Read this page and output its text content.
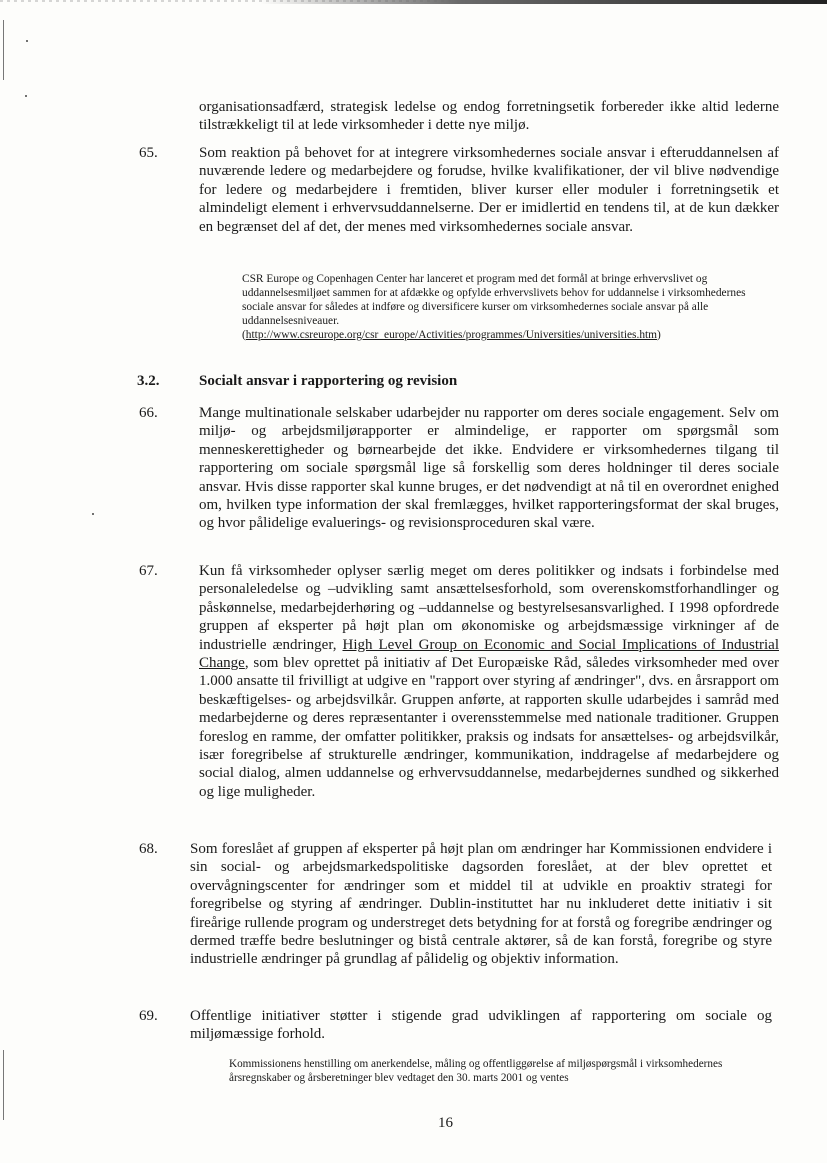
organisationsadfærd, strategisk ledelse og endog forretningsetik forbereder ikke altid lederne tilstrækkeligt til at lede virksomheder i dette nye miljø.

65.	Som reaktion på behovet for at integrere virksomhedernes sociale ansvar i efteruddannelsen af nuværende ledere og medarbejdere og forudse, hvilke kvalifikationer, der vil blive nødvendige for ledere og medarbejdere i fremtiden, bliver kurser eller moduler i forretningsetik et almindeligt element i erhvervsuddannelserne. Der er imidlertid en tendens til, at de kun dækker en begrænset del af det, der menes med virksomhedernes sociale ansvar.

CSR Europe og Copenhagen Center har lanceret et program med det formål at bringe erhvervslivet og uddannelsesmiljøet sammen for at afdække og opfylde erhvervslivets behov for uddannelse i virksomhedernes sociale ansvar for således at indføre og diversificere kurser om virksomhedernes sociale ansvar på alle uddannelsesniveauer.
(http://www.csreurope.org/csr_europe/Activities/programmes/Universities/universities.htm)

3.2.	Socialt ansvar i rapportering og revision
66.	Mange multinationale selskaber udarbejder nu rapporter om deres sociale engagement. Selv om miljø- og arbejdsmiljørapporter er almindelige, er rapporter om spørgsmål som menneskerettigheder og børnearbejde det ikke. Endvidere er virksomhedernes tilgang til rapportering om sociale spørgsmål lige så forskellig som deres holdninger til deres sociale ansvar. Hvis disse rapporter skal kunne bruges, er det nødvendigt at nå til en overordnet enighed om, hvilken type information der skal fremlægges, hvilket rapporteringsformat der skal bruges, og hvor pålidelige evaluerings- og revisionsproceduren skal være.

67.	Kun få virksomheder oplyser særlig meget om deres politikker og indsats i forbindelse med personaleledelse og –udvikling samt ansættelsesforhold, som overenskomstforhandlinger og påskønnelse, medarbejderhøring og –uddannelse og bestyrelsesansvarlighed. I 1998 opfordrede gruppen af eksperter på højt plan om økonomiske og arbejdsmæssige virkninger af de industrielle ændringer, High Level Group on Economic and Social Implications of Industrial Change, som blev oprettet på initiativ af Det Europæiske Råd, således virksomheder med over 1.000 ansatte til frivilligt at udgive en "rapport over styring af ændringer", dvs. en årsrapport om beskæftigelses- og arbejdsvilkår. Gruppen anførte, at rapporten skulle udarbejdes i samråd med medarbejderne og deres repræsentanter i overensstemmelse med nationale traditioner. Gruppen foreslog en ramme, der omfatter politikker, praksis og indsats for ansættelses- og arbejdsvilkår, især foregribelse af strukturelle ændringer, kommunikation, inddragelse af medarbejdere og social dialog, almen uddannelse og erhvervsuddannelse, medarbejdernes sundhed og sikkerhed og lige muligheder.

68. Som foreslået af gruppen af eksperter på højt plan om ændringer har Kommissionen endvidere i sin social- og arbejdsmarkedspolitiske dagsorden foreslået, at der blev oprettet et overvågningscenter for ændringer som et middel til at udvikle en proaktiv strategi for foregribelse og styring af ændringer. Dublin-instituttet har nu inkluderet dette initiativ i sit fireårige rullende program og understreget dets betydning for at forstå og foregribe ændringer og dermed træffe bedre beslutninger og bistå centrale aktører, så de kan forstå, foregribe og styre industrielle ændringer på grundlag af pålidelig og objektiv information.

69. Offentlige initiativer støtter i stigende grad udviklingen af rapportering om sociale og miljømæssige forhold.

Kommissionens henstilling om anerkendelse, måling og offentliggørelse af miljøspørgsmål i virksomhedernes årsregnskaber og årsberetninger blev vedtaget den 30. marts 2001 og ventes

16
